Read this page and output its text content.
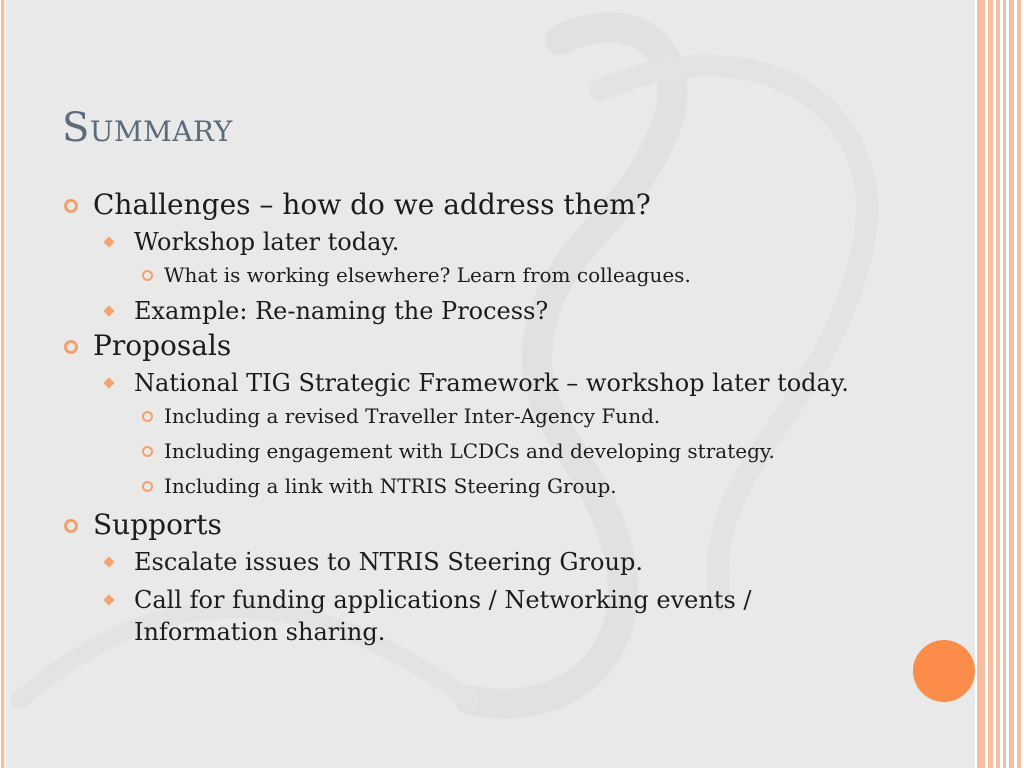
Summary
Challenges – how do we address them?
Workshop later today.
What is working elsewhere? Learn from colleagues.
Example: Re-naming the Process?
Proposals
National TIG Strategic Framework – workshop later today.
Including a revised Traveller Inter-Agency Fund.
Including engagement with LCDCs and developing strategy.
Including a link with NTRIS Steering Group.
Supports
Escalate issues to NTRIS Steering Group.
Call for funding applications / Networking events / Information sharing.
